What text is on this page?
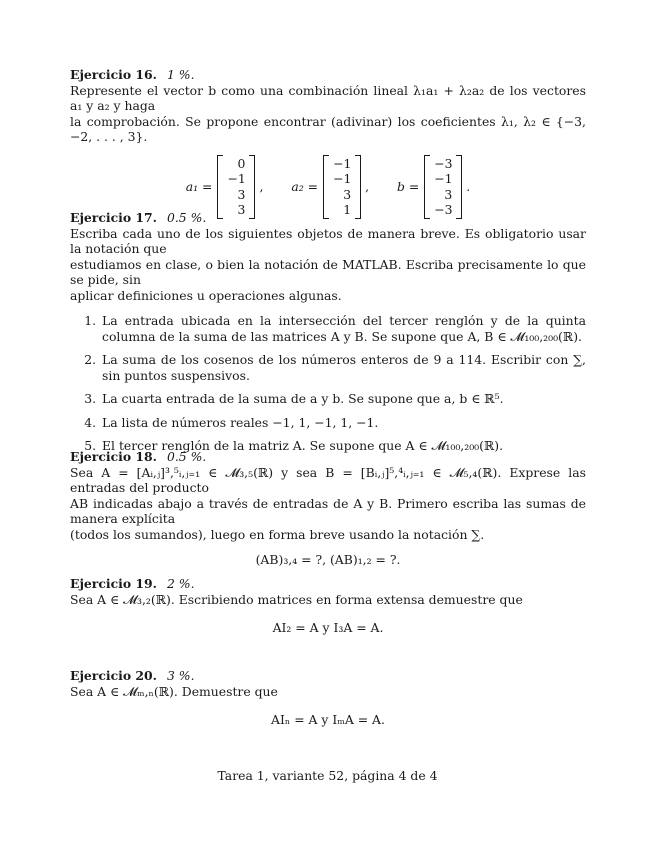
Ejercicio 16. 1 %.

Represente el vector b como una combinación lineal λ₁a₁ + λ₂a₂ de los vectores a₁ y a₂ y haga

la comprobación. Se propone encontrar (adivinar) los coeficientes λ₁, λ₂ ∈ {−3, −2, . . . , 3}.

a₁ =
0
−1
3
3
, a₂ =
−1
−1
3
1
, b =
−3
−1
3
−3
.
Ejercicio 17. 0.5 %.

Escriba cada uno de los siguientes objetos de manera breve. Es obligatorio usar la notación que

estudiamos en clase, o bien la notación de MATLAB. Escriba precisamente lo que se pide, sin

aplicar definiciones u operaciones algunas.

1. La entrada ubicada en la intersección del tercer renglón y de la quinta columna de la suma de las matrices A y B. Se supone que A, B ∈ 𝓜₁₀₀,₂₀₀(ℝ).
2. La suma de los cosenos de los números enteros de 9 a 114. Escribir con ∑, sin puntos suspensivos.
3. La cuarta entrada de la suma de a y b. Se supone que a, b ∈ ℝ⁵.
4. La lista de números reales −1, 1, −1, 1, −1.
5. El tercer renglón de la matriz A. Se supone que A ∈ 𝓜₁₀₀,₂₀₀(ℝ).
Ejercicio 18. 0.5 %.

Sea A = [Aᵢ,ⱼ]³,⁵ᵢ,ⱼ₌₁ ∈ 𝓜₃,₅(ℝ) y sea B = [Bᵢ,ⱼ]⁵,⁴ᵢ,ⱼ₌₁ ∈ 𝓜₅,₄(ℝ). Exprese las entradas del producto

AB indicadas abajo a través de entradas de A y B. Primero escriba las sumas de manera explícita

(todos los sumandos), luego en forma breve usando la notación ∑.

(AB)₃,₄ = ?, (AB)₁,₂ = ?.

Ejercicio 19. 2 %.

Sea A ∈ 𝓜₃,₂(ℝ). Escribiendo matrices en forma extensa demuestre que

AI₂ = A y I₃A = A.

Ejercicio 20. 3 %.

Sea A ∈ 𝓜ₘ,ₙ(ℝ). Demuestre que

AIₙ = A y IₘA = A.

Tarea 1, variante 52, página 4 de 4
